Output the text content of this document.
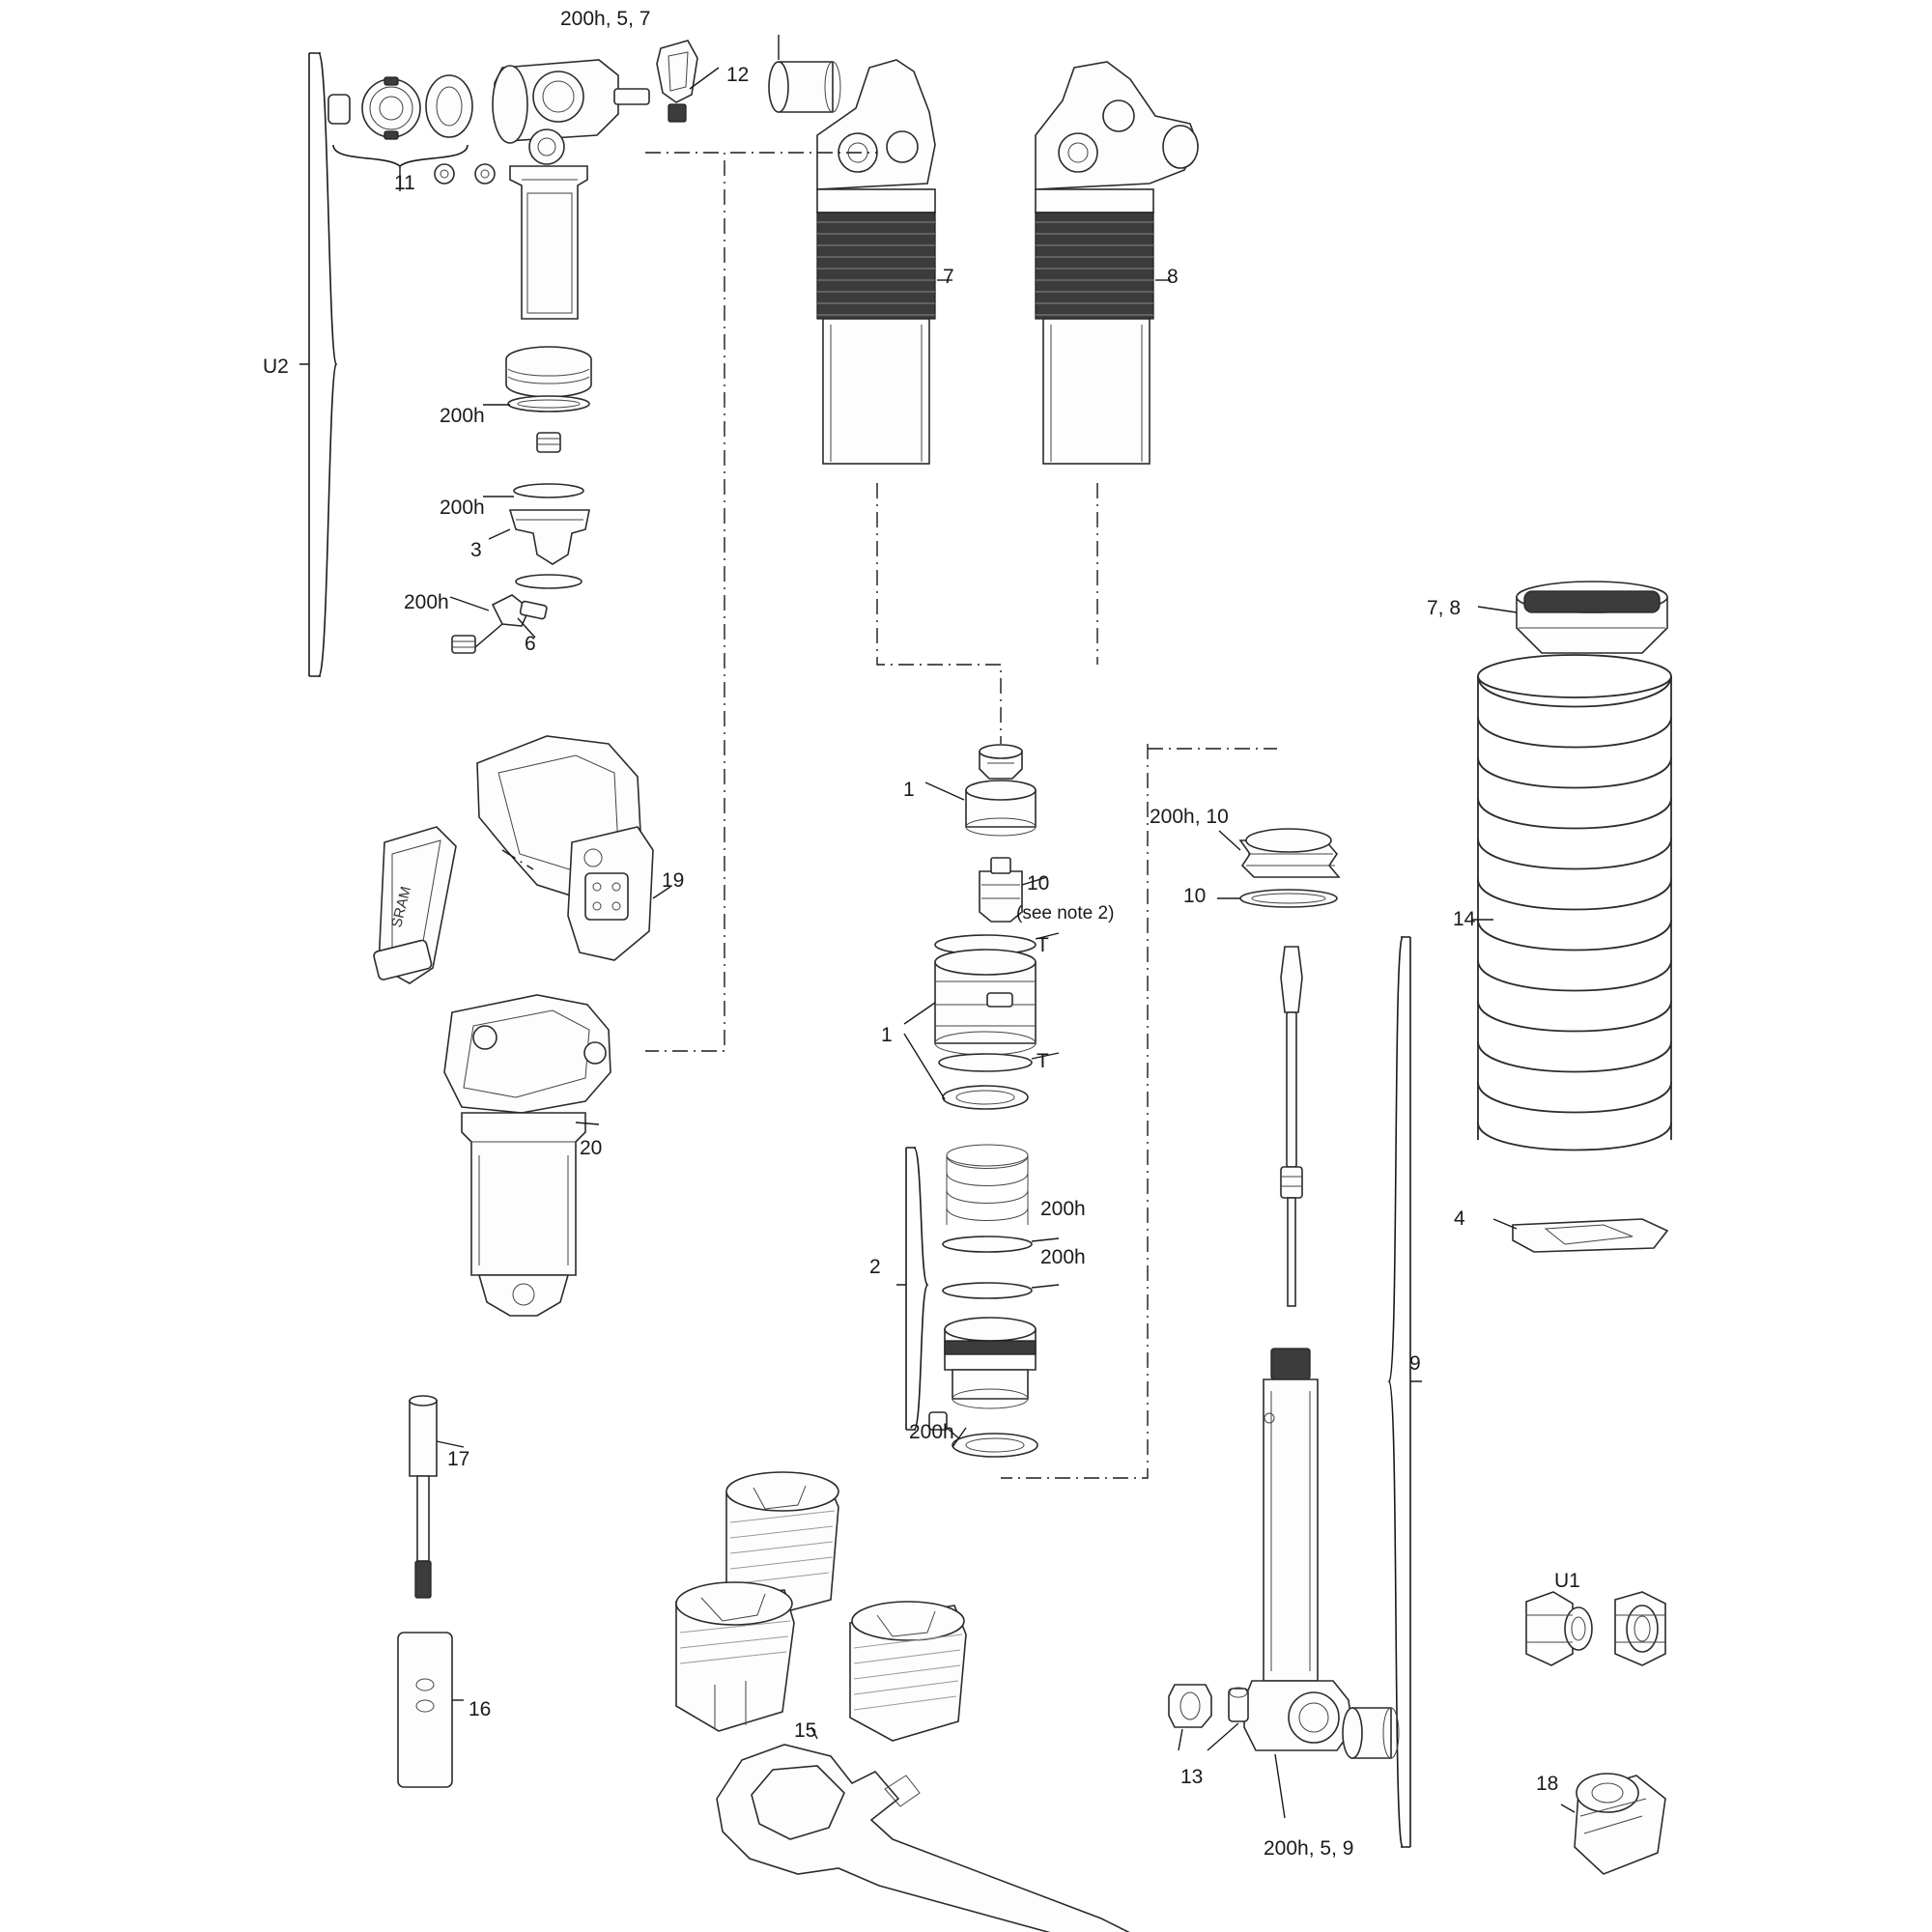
SRAM
200h, 5, 7
12
11
U2
7	8
200h
200h
3
200h
6
7, 8
1
10
(see note 2)
200h, 10
10
T
T
19
20
14
1
4
200h
200h
2
9
200h
17
U1
16
15
13	18
200h, 5, 9
